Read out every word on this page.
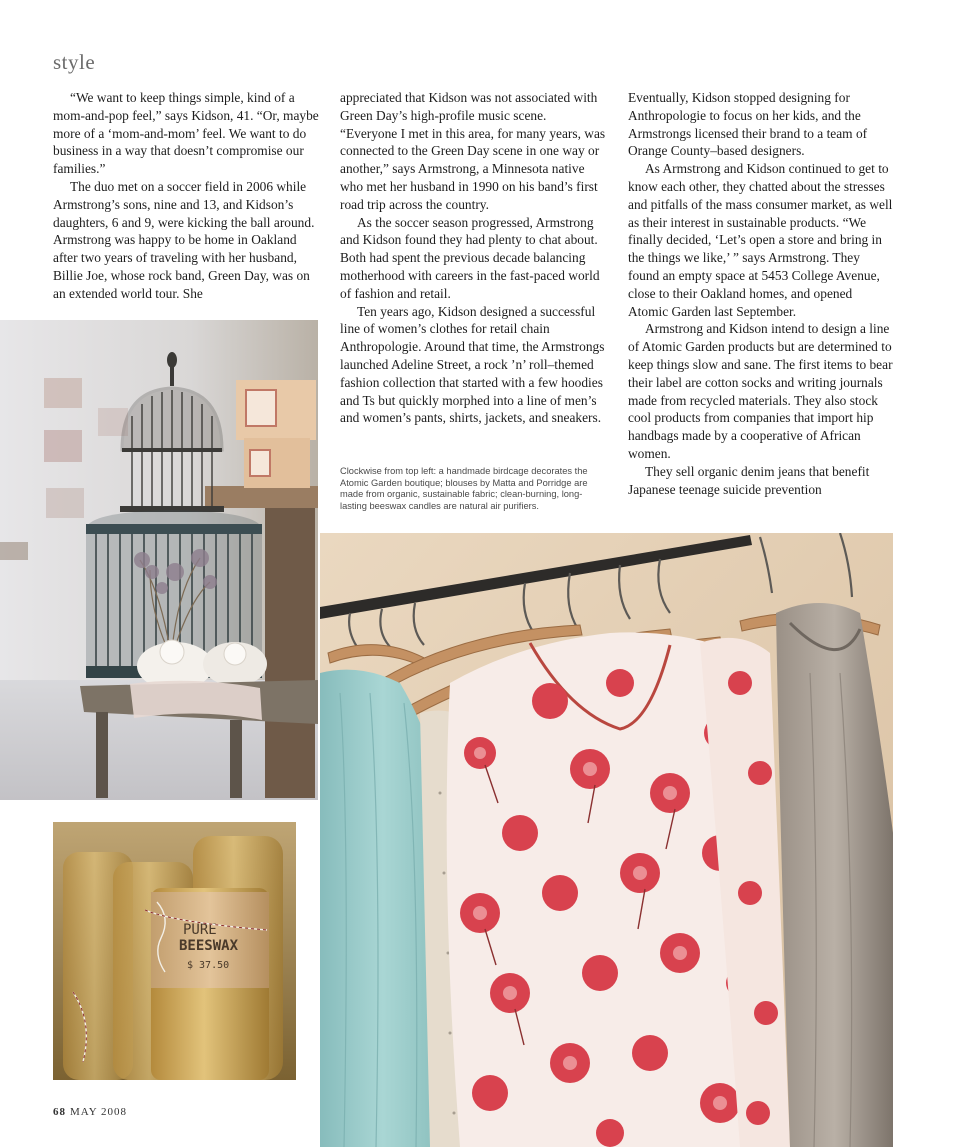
style

“We want to keep things simple, kind of a mom-and-pop feel,” says Kidson, 41. “Or, maybe more of a ‘mom-and-mom’ feel. We want to do business in a way that doesn’t compromise our families.”

The duo met on a soccer field in 2006 while Armstrong’s sons, nine and 13, and Kidson’s daughters, 6 and 9, were kicking the ball around. Armstrong was happy to be home in Oakland after two years of traveling with her husband, Billie Joe, whose rock band, Green Day, was on an extended world tour. She

appreciated that Kidson was not associated with Green Day’s high-profile music scene. “Everyone I met in this area, for many years, was connected to the Green Day scene in one way or another,” says Armstrong, a Minnesota native who met her husband in 1990 on his band’s first road trip across the country.

As the soccer season progressed, Armstrong and Kidson found they had plenty to chat about. Both had spent the previous decade balancing motherhood with careers in the fast-paced world of fashion and retail.

Ten years ago, Kidson designed a successful line of women’s clothes for retail chain Anthropologie. Around that time, the Armstrongs launched Adeline Street, a rock ’n’ roll–themed fashion collection that started with a few hoodies and Ts but quickly morphed into a line of men’s and women’s pants, shirts, jackets, and sneakers.

Eventually, Kidson stopped designing for Anthropologie to focus on her kids, and the Armstrongs licensed their brand to a team of Orange County–based designers.

As Armstrong and Kidson continued to get to know each other, they chatted about the stresses and pitfalls of the mass consumer market, as well as their interest in sustainable products. “We finally decided, ‘Let’s open a store and bring in the things we like,’ ” says Armstrong. They found an empty space at 5453 College Avenue, close to their Oakland homes, and opened Atomic Garden last September.

Armstrong and Kidson intend to design a line of Atomic Garden products but are determined to keep things slow and sane. The first items to bear their label are cotton socks and writing journals made from recycled materials. They also stock cool products from companies that import hip handbags made by a cooperative of African women.

They sell organic denim jeans that benefit Japanese teenage suicide prevention

Clockwise from top left: a handmade birdcage decorates the Atomic Garden boutique; blouses by Matta and Porridge are made from organic, sustainable fabric; clean-burning, long-lasting beeswax candles are natural air purifiers.
PURE
BEESWAX
$ 37.50
68 MAY 2008
